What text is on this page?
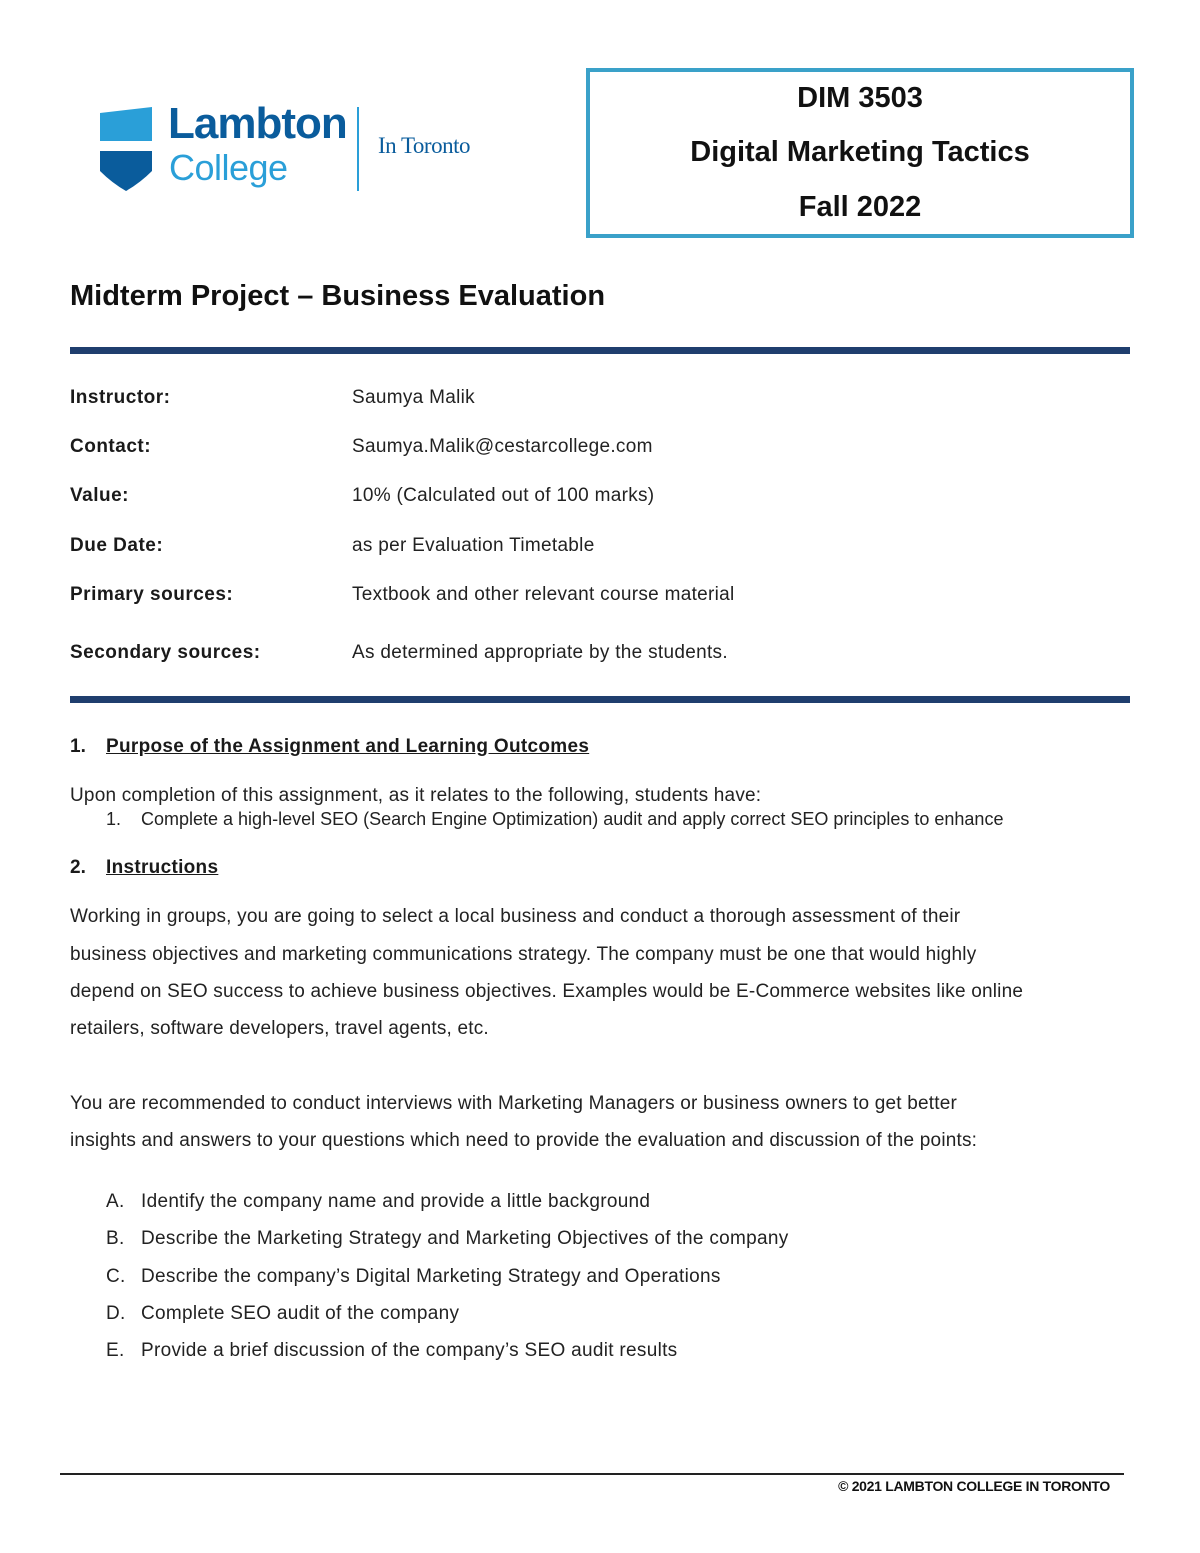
Lambton
College
In Toronto
DIM 3503
Digital Marketing Tactics
Fall 2022
Midterm Project – Business Evaluation
Instructor:	Saumya Malik
Contact:	Saumya.Malik@cestarcollege.com
Value:	10% (Calculated out of 100 marks)
Due Date:	as per Evaluation Timetable
Primary sources:	Textbook and other relevant course material
Secondary sources:	As determined appropriate by the students.
1. Purpose of the Assignment and Learning Outcomes
Upon completion of this assignment, as it relates to the following, students have:
1. Complete a high-level SEO (Search Engine Optimization) audit and apply correct SEO principles to enhance
2. Instructions
Working in groups, you are going to select a local business and conduct a thorough assessment of their
business objectives and marketing communications strategy. The company must be one that would highly
depend on SEO success to achieve business objectives. Examples would be E-Commerce websites like online
retailers, software developers, travel agents, etc.
You are recommended to conduct interviews with Marketing Managers or business owners to get better
insights and answers to your questions which need to provide the evaluation and discussion of the points:
A. Identify the company name and provide a little background
B. Describe the Marketing Strategy and Marketing Objectives of the company
C. Describe the company’s Digital Marketing Strategy and Operations
D. Complete SEO audit of the company
E. Provide a brief discussion of the company’s SEO audit results
© 2021 LAMBTON COLLEGE IN TORONTO
